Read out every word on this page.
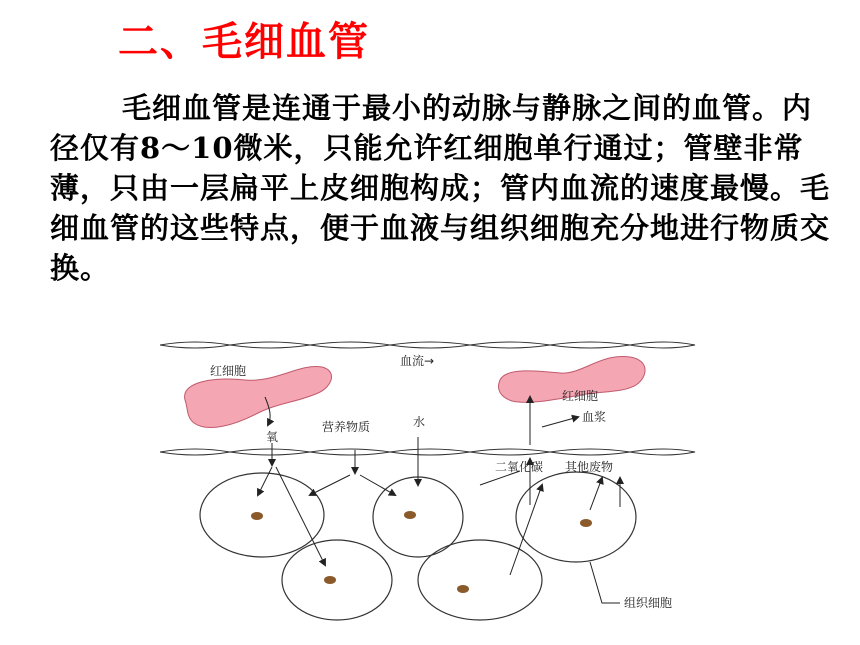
二、毛细血管

毛细血管是连通于最小的动脉与静脉之间的血管。内径仅有8～10微米，只能允许红细胞单行通过；管壁非常薄，只由一层扁平上皮细胞构成；管内血流的速度最慢。毛细血管的这些特点，便于血液与组织细胞充分地进行物质交换。

红细胞
血流→
红细胞
血浆
氧
营养物质	水
二氧化碳 其他废物
组织细胞
